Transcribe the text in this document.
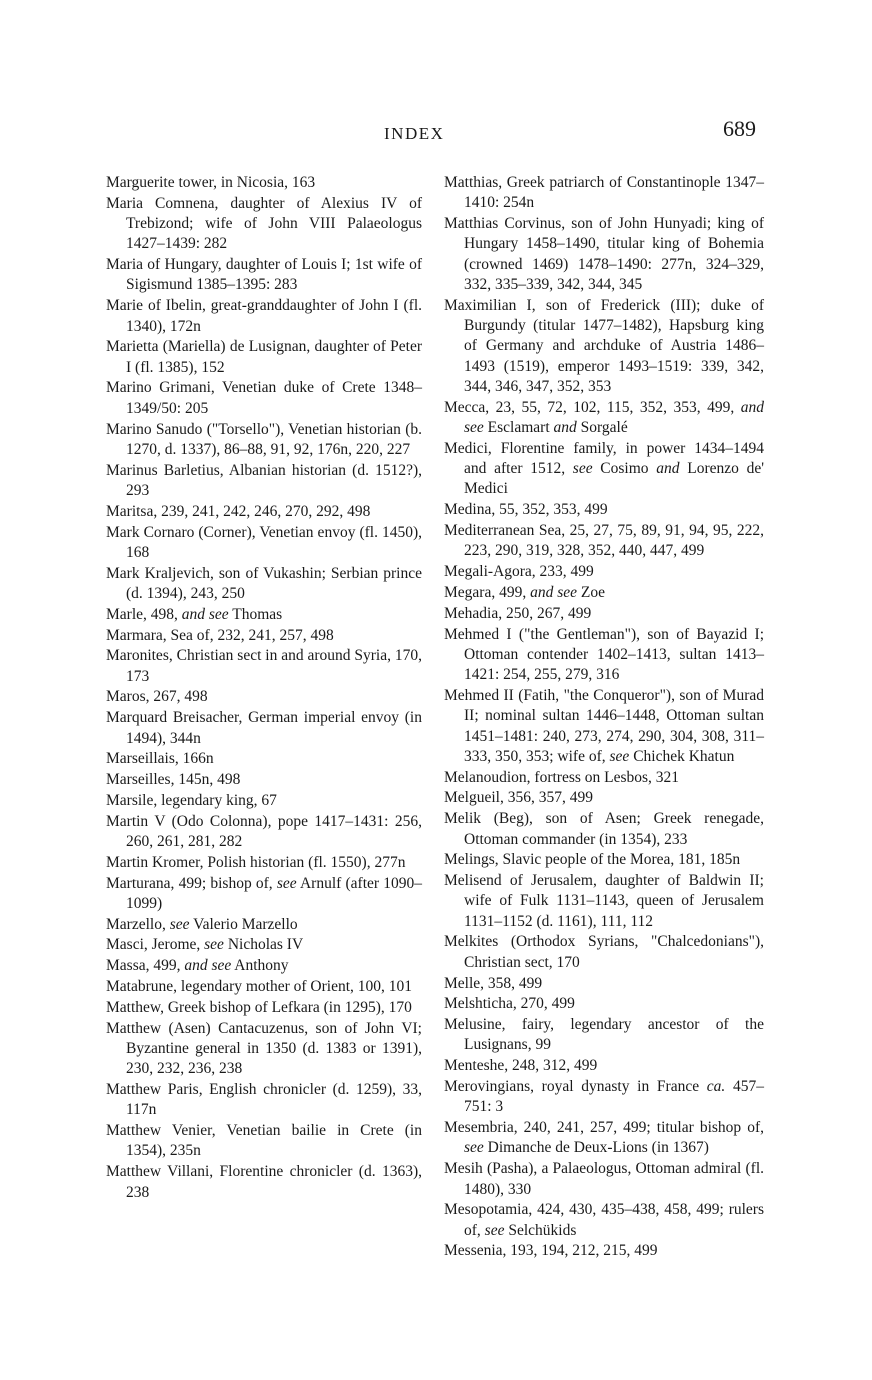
INDEX	689
Marguerite tower, in Nicosia, 163
Maria Comnena, daughter of Alexius IV of Trebizond; wife of John VIII Palaeologus 1427–1439: 282
Maria of Hungary, daughter of Louis I; 1st wife of Sigismund 1385–1395: 283
Marie of Ibelin, great-granddaughter of John I (fl. 1340), 172n
Marietta (Mariella) de Lusignan, daughter of Peter I (fl. 1385), 152
Marino Grimani, Venetian duke of Crete 1348–1349/50: 205
Marino Sanudo ("Torsello"), Venetian historian (b. 1270, d. 1337), 86–88, 91, 92, 176n, 220, 227
Marinus Barletius, Albanian historian (d. 1512?), 293
Maritsa, 239, 241, 242, 246, 270, 292, 498
Mark Cornaro (Corner), Venetian envoy (fl. 1450), 168
Mark Kraljevich, son of Vukashin; Serbian prince (d. 1394), 243, 250
Marle, 498, and see Thomas
Marmara, Sea of, 232, 241, 257, 498
Maronites, Christian sect in and around Syria, 170, 173
Maros, 267, 498
Marquard Breisacher, German imperial envoy (in 1494), 344n
Marseillais, 166n
Marseilles, 145n, 498
Marsile, legendary king, 67
Martin V (Odo Colonna), pope 1417–1431: 256, 260, 261, 281, 282
Martin Kromer, Polish historian (fl. 1550), 277n
Marturana, 499; bishop of, see Arnulf (after 1090–1099)
Marzello, see Valerio Marzello
Masci, Jerome, see Nicholas IV
Massa, 499, and see Anthony
Matabrune, legendary mother of Orient, 100, 101
Matthew, Greek bishop of Lefkara (in 1295), 170
Matthew (Asen) Cantacuzenus, son of John VI; Byzantine general in 1350 (d. 1383 or 1391), 230, 232, 236, 238
Matthew Paris, English chronicler (d. 1259), 33, 117n
Matthew Venier, Venetian bailie in Crete (in 1354), 235n
Matthew Villani, Florentine chronicler (d. 1363), 238
Matthias, Greek patriarch of Constantinople 1347–1410: 254n
Matthias Corvinus, son of John Hunyadi; king of Hungary 1458–1490, titular king of Bohemia (crowned 1469) 1478–1490: 277n, 324–329, 332, 335–339, 342, 344, 345
Maximilian I, son of Frederick (III); duke of Burgundy (titular 1477–1482), Hapsburg king of Germany and archduke of Austria 1486–1493 (1519), emperor 1493–1519: 339, 342, 344, 346, 347, 352, 353
Mecca, 23, 55, 72, 102, 115, 352, 353, 499, and see Esclamart and Sorgalé
Medici, Florentine family, in power 1434–1494 and after 1512, see Cosimo and Lorenzo de' Medici
Medina, 55, 352, 353, 499
Mediterranean Sea, 25, 27, 75, 89, 91, 94, 95, 222, 223, 290, 319, 328, 352, 440, 447, 499
Megali-Agora, 233, 499
Megara, 499, and see Zoe
Mehadia, 250, 267, 499
Mehmed I ("the Gentleman"), son of Bayazid I; Ottoman contender 1402–1413, sultan 1413–1421: 254, 255, 279, 316
Mehmed II (Fatih, "the Conqueror"), son of Murad II; nominal sultan 1446–1448, Ottoman sultan 1451–1481: 240, 273, 274, 290, 304, 308, 311–333, 350, 353; wife of, see Chichek Khatun
Melanoudion, fortress on Lesbos, 321
Melgueil, 356, 357, 499
Melik (Beg), son of Asen; Greek renegade, Ottoman commander (in 1354), 233
Melings, Slavic people of the Morea, 181, 185n
Melisend of Jerusalem, daughter of Baldwin II; wife of Fulk 1131–1143, queen of Jerusalem 1131–1152 (d. 1161), 111, 112
Melkites (Orthodox Syrians, "Chalcedonians"), Christian sect, 170
Melle, 358, 499
Melshticha, 270, 499
Melusine, fairy, legendary ancestor of the Lusignans, 99
Menteshe, 248, 312, 499
Merovingians, royal dynasty in France ca. 457–751: 3
Mesembria, 240, 241, 257, 499; titular bishop of, see Dimanche de Deux-Lions (in 1367)
Mesih (Pasha), a Palaeologus, Ottoman admiral (fl. 1480), 330
Mesopotamia, 424, 430, 435–438, 458, 499; rulers of, see Selchükids
Messenia, 193, 194, 212, 215, 499
